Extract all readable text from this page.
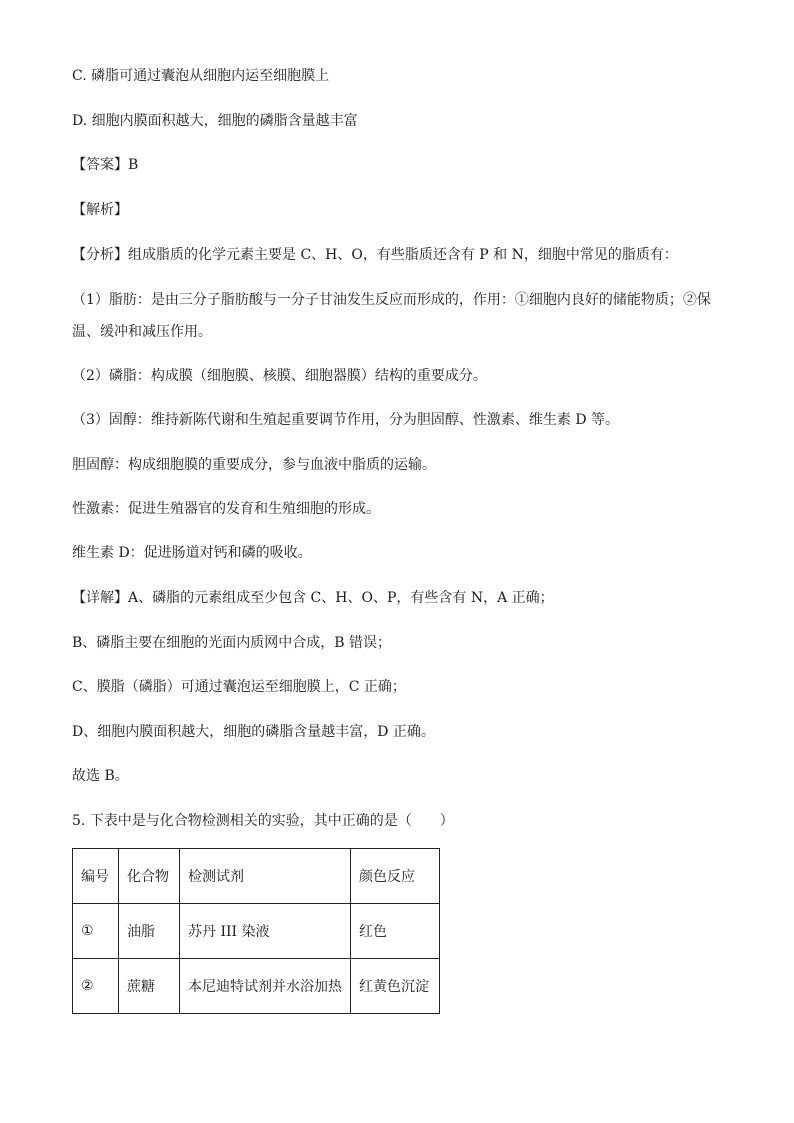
C. 磷脂可通过囊泡从细胞内运至细胞膜上
D. 细胞内膜面积越大，细胞的磷脂含量越丰富
【答案】B
【解析】
【分析】组成脂质的化学元素主要是 C、H、O，有些脂质还含有 P 和 N，细胞中常见的脂质有：
（1）脂肪：是由三分子脂肪酸与一分子甘油发生反应而形成的，作用：①细胞内良好的储能物质；②保温、缓冲和减压作用。
（2）磷脂：构成膜（细胞膜、核膜、细胞器膜）结构的重要成分。
（3）固醇：维持新陈代谢和生殖起重要调节作用，分为胆固醇、性激素、维生素 D 等。
胆固醇：构成细胞膜的重要成分，参与血液中脂质的运输。
性激素：促进生殖器官的发育和生殖细胞的形成。
维生素 D：促进肠道对钙和磷的吸收。
【详解】A、磷脂的元素组成至少包含 C、H、O、P，有些含有 N，A 正确；
B、磷脂主要在细胞的光面内质网中合成，B 错误；
C、膜脂（磷脂）可通过囊泡运至细胞膜上，C 正确；
D、细胞内膜面积越大，细胞的磷脂含量越丰富，D 正确。
故选 B。
5. 下表中是与化合物检测相关的实验，其中正确的是（　　）
编号	化合物	检测试剂	颜色反应
①	油脂	苏丹 III 染液	红色
②	蔗糖	本尼迪特试剂并水浴加热	红黄色沉淀
